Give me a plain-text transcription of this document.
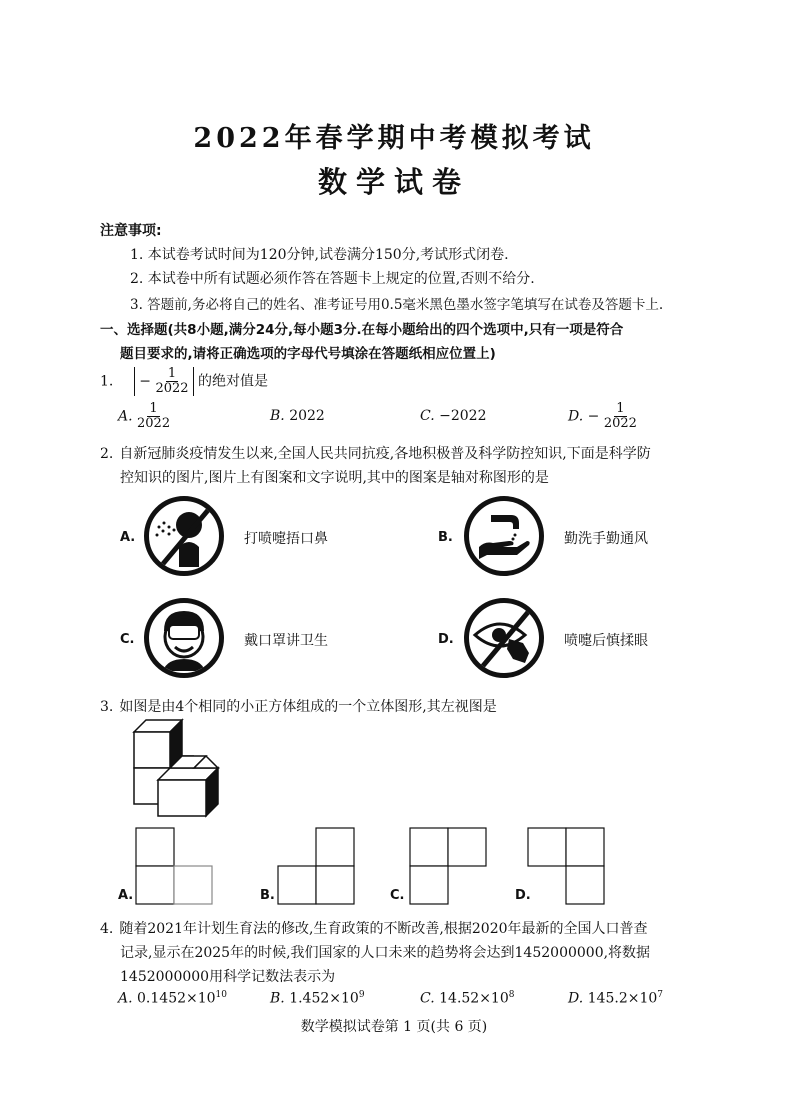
2022年春学期中考模拟考试
数学试卷
注意事项:
1. 本试卷考试时间为120分钟,试卷满分150分,考试形式闭卷.
2. 本试卷中所有试题必须作答在答题卡上规定的位置,否则不给分.
3. 答题前,务必将自己的姓名、准考证号用0.5毫米黑色墨水签字笔填写在试卷及答题卡上.
一、选择题(共8小题,满分24分,每小题3分.在每小题给出的四个选项中,只有一项是符合
题目要求的,请将正确选项的字母代号填涂在答题纸相应位置上)
1. − $\frac{1}{2022}$ 的绝对值是
A. $\frac{1}{2022}$	B. 2022	C. −2022	D. − $\frac{1}{2022}$
2. 自新冠肺炎疫情发生以来,全国人民共同抗疫,各地积极普及科学防控知识,下面是科学防
控知识的图片,图片上有图案和文字说明,其中的图案是轴对称图形的是
A.	打喷嚏捂口鼻	B.	勤洗手勤通风
C.	戴口罩讲卫生	D.	喷嚏后慎揉眼
3. 如图是由4个相同的小正方体组成的一个立体图形,其左视图是
A.	B.	C.	D.
4. 随着2021年计划生育法的修改,生育政策的不断改善,根据2020年最新的全国人口普查
记录,显示在2025年的时候,我们国家的人口未来的趋势将会达到1452000000,将数据
1452000000用科学记数法表示为
A. $0.1452\times 10^{10}$	B. $1.452\times 10^9$	C. $14.52\times 10^8$	D. $145.2\times 10^7$
数学模拟试卷第 1 页(共 6 页)
